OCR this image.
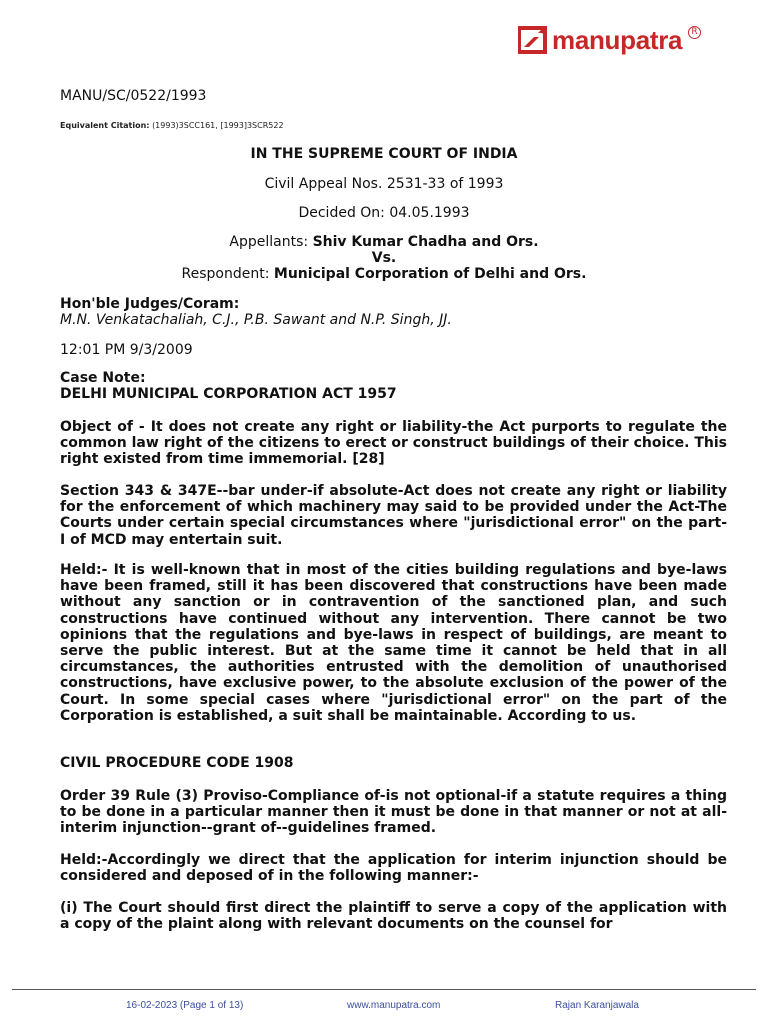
manupatra	R
MANU/SC/0522/1993
Equivalent Citation: (1993)3SCC161, [1993]3SCR522
IN THE SUPREME COURT OF INDIA
Civil Appeal Nos. 2531-33 of 1993
Decided On: 04.05.1993
Appellants: Shiv Kumar Chadha and Ors.
Vs.
Respondent: Municipal Corporation of Delhi and Ors.
Hon'ble Judges/Coram:
M.N. Venkatachaliah, C.J., P.B. Sawant and N.P. Singh, JJ.
12:01 PM 9/3/2009
Case Note:
DELHI MUNICIPAL CORPORATION ACT 1957
Object of - It does not create any right or liability-the Act purports to regulate the common law right of the citizens to erect or construct buildings of their choice. This right existed from time immemorial. [28]
Section 343 & 347E--bar under-if absolute-Act does not create any right or liability for the enforcement of which machinery may said to be provided under the Act-The Courts under certain special circumstances where "jurisdictional error" on the part-I of MCD may entertain suit.
Held:- It is well-known that in most of the cities building regulations and bye-laws have been framed, still it has been discovered that constructions have been made without any sanction or in contravention of the sanctioned plan, and such constructions have continued without any intervention. There cannot be two opinions that the regulations and bye-laws in respect of buildings, are meant to serve the public interest. But at the same time it cannot be held that in all circumstances, the authorities entrusted with the demolition of unauthorised constructions, have exclusive power, to the absolute exclusion of the power of the Court. In some special cases where "jurisdictional error" on the part of the Corporation is established, a suit shall be maintainable. According to us.
CIVIL PROCEDURE CODE 1908
Order 39 Rule (3) Proviso-Compliance of-is not optional-if a statute requires a thing to be done in a particular manner then it must be done in that manner or not at all-interim injunction--grant of--guidelines framed.
Held:-Accordingly we direct that the application for interim injunction should be considered and deposed of in the following manner:-
(i) The Court should first direct the plaintiff to serve a copy of the application with a copy of the plaint along with relevant documents on the counsel for
16-02-2023 (Page 1 of 13)	www.manupatra.com	Rajan Karanjawala
